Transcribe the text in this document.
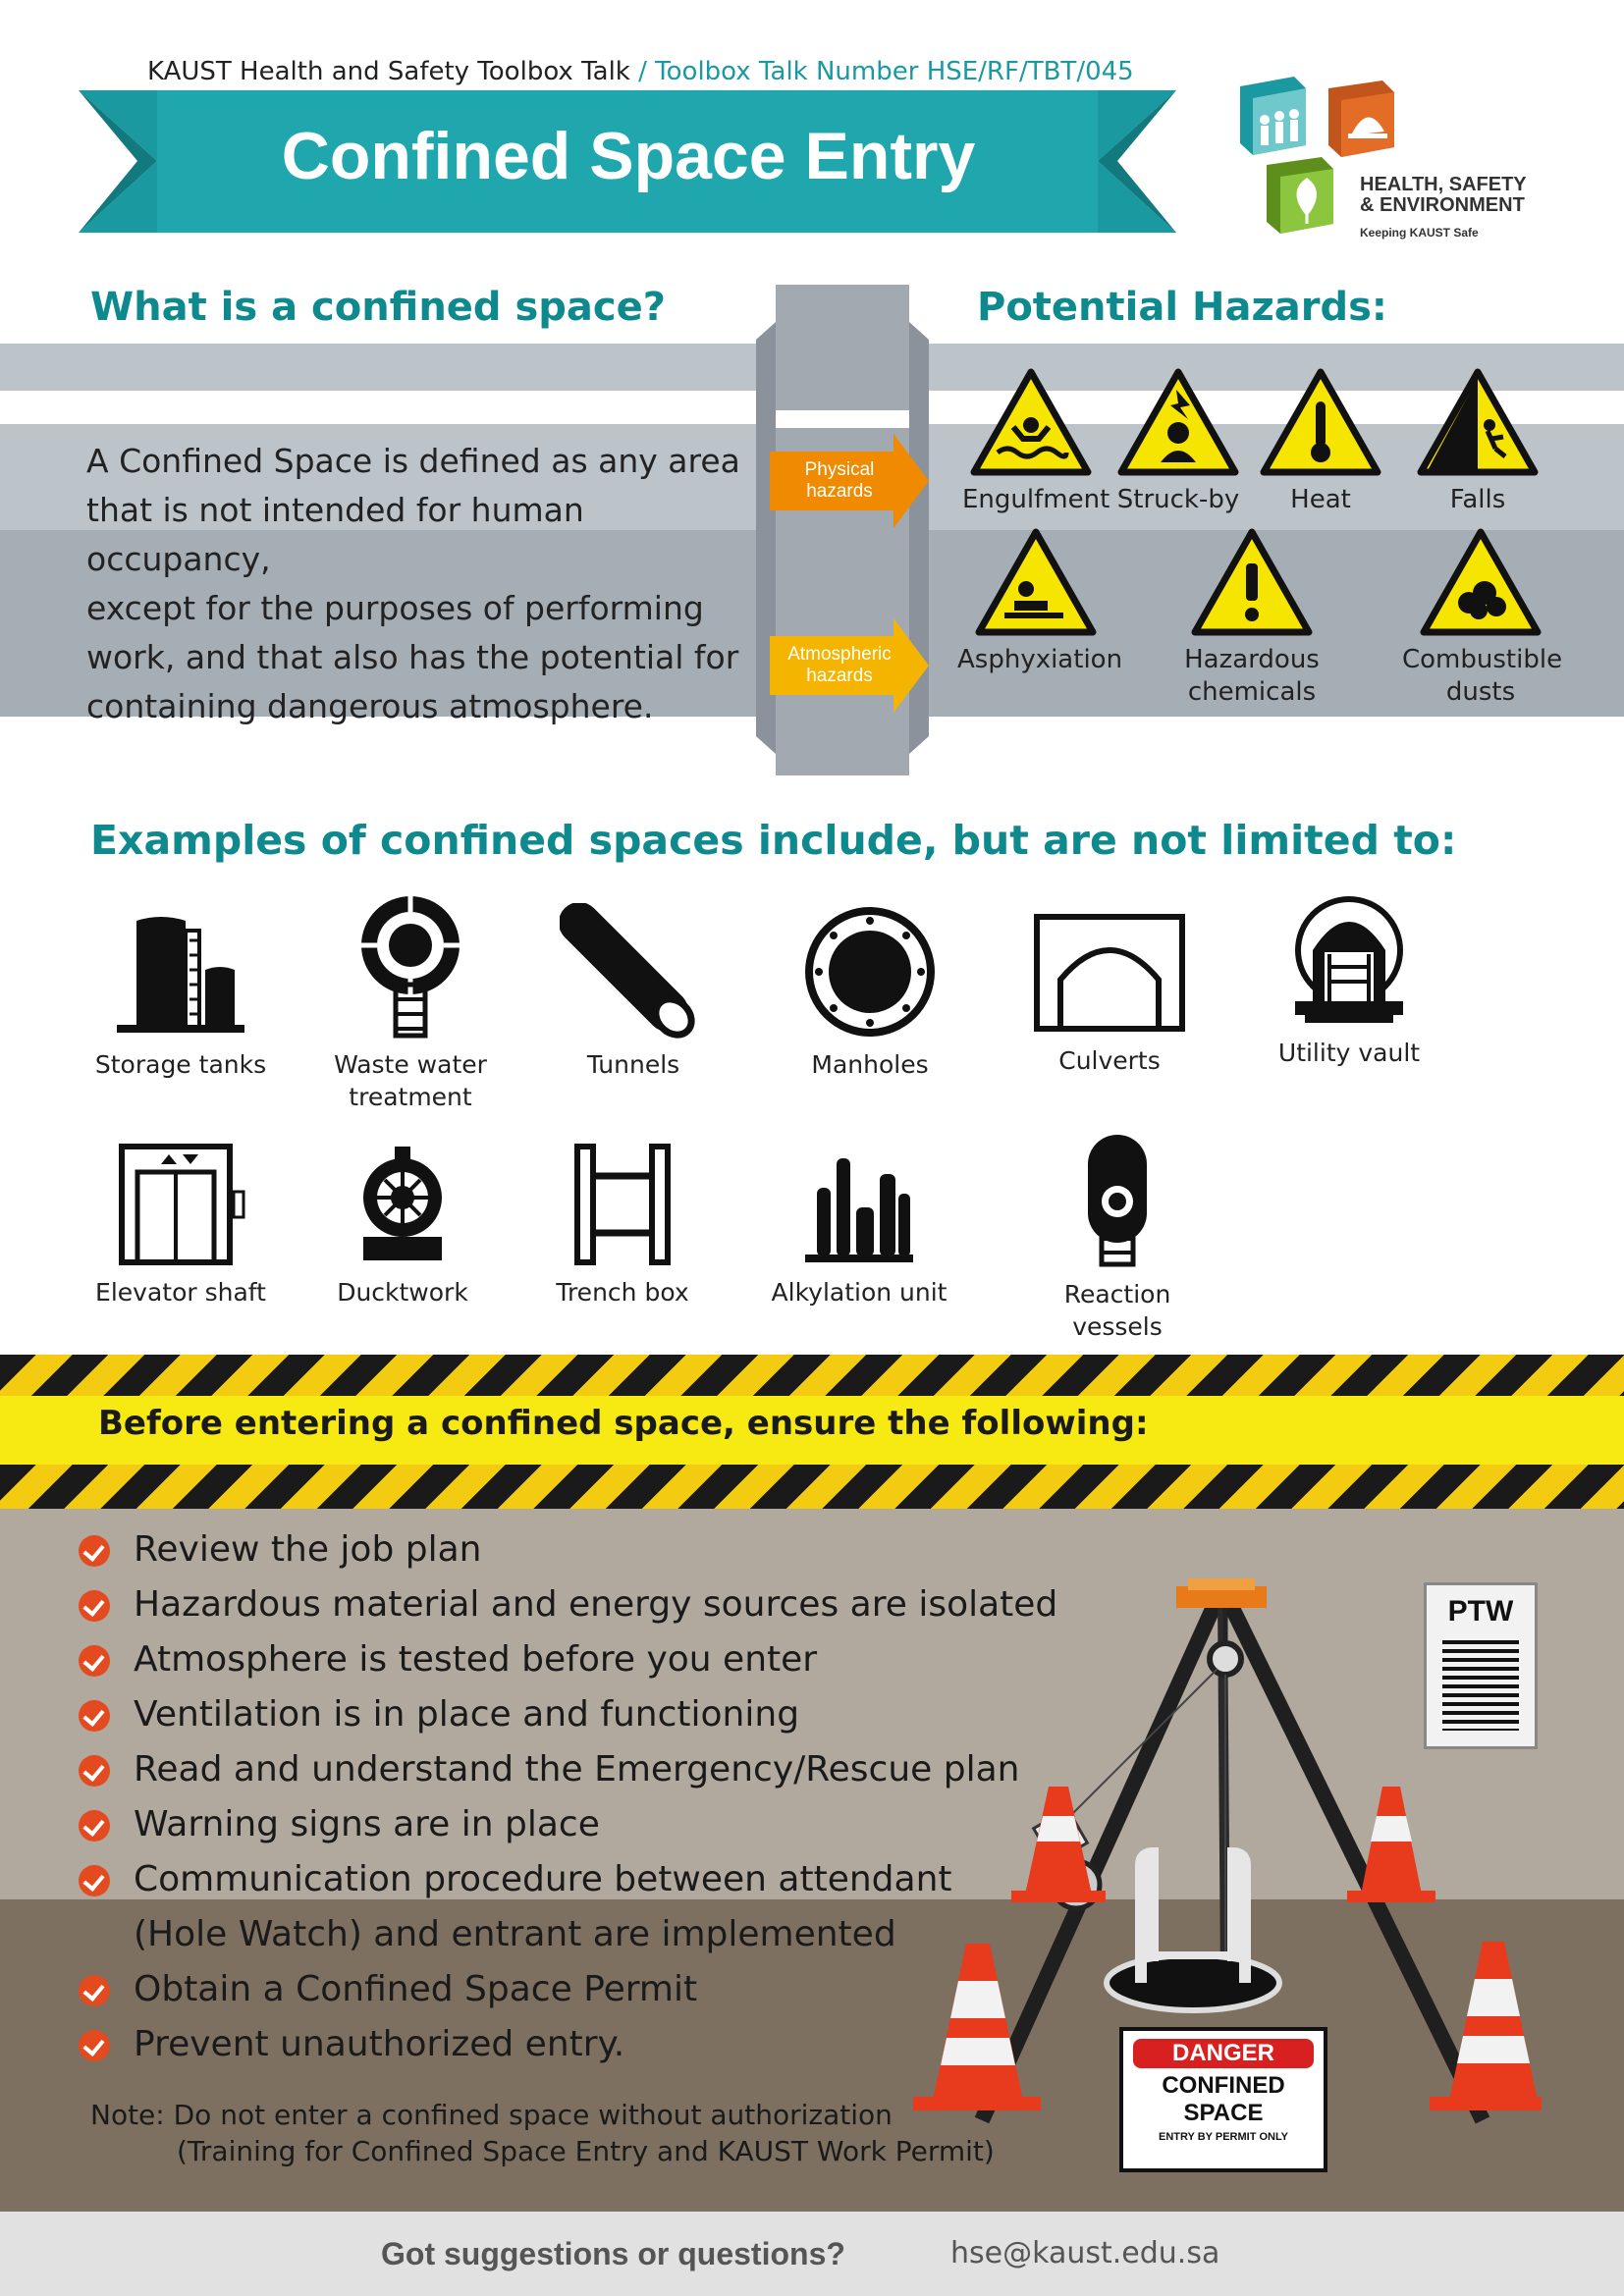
KAUST Health and Safety Toolbox Talk / Toolbox Talk Number HSE/RF/TBT/045
Confined Space Entry	HEALTH, SAFETY
& ENVIRONMENT
Keeping KAUST Safe
What is a confined space?	Potential Hazards:
A Confined Space is defined as any area
that is not intended for human occupancy,
except for the purposes of performing
work, and that also has the potential for
containing dangerous atmosphere.
Physical
hazards
Atmospheric
hazards
Engulfment Struck-by	Heat	Falls
Asphyxiation	Hazardous
chemicals
Combustible
dusts
Examples of confined spaces include, but are not limited to:
Storage tanks	Waste water
treatment
Tunnels	Manholes	Culverts	Utility vault
Elevator shaft	Ducktwork	Trench box	Alkylation unit	Reaction vessels
Before entering a confined space, ensure the following:
Review the job plan
Hazardous material and energy sources are isolated
Atmosphere is tested before you enter
Ventilation is in place and functioning
Read and understand the Emergency/Rescue plan
Warning signs are in place
Communication procedure between attendant
(Hole Watch) and entrant are implemented
Obtain a Confined Space Permit
Prevent unauthorized entry.
Note: Do not enter a confined space without authorization
(Training for Confined Space Entry and KAUST Work Permit)
PTW
DANGER
CONFINED
SPACE
ENTRY BY PERMIT ONLY
Got suggestions or questions?	hse@kaust.edu.sa
